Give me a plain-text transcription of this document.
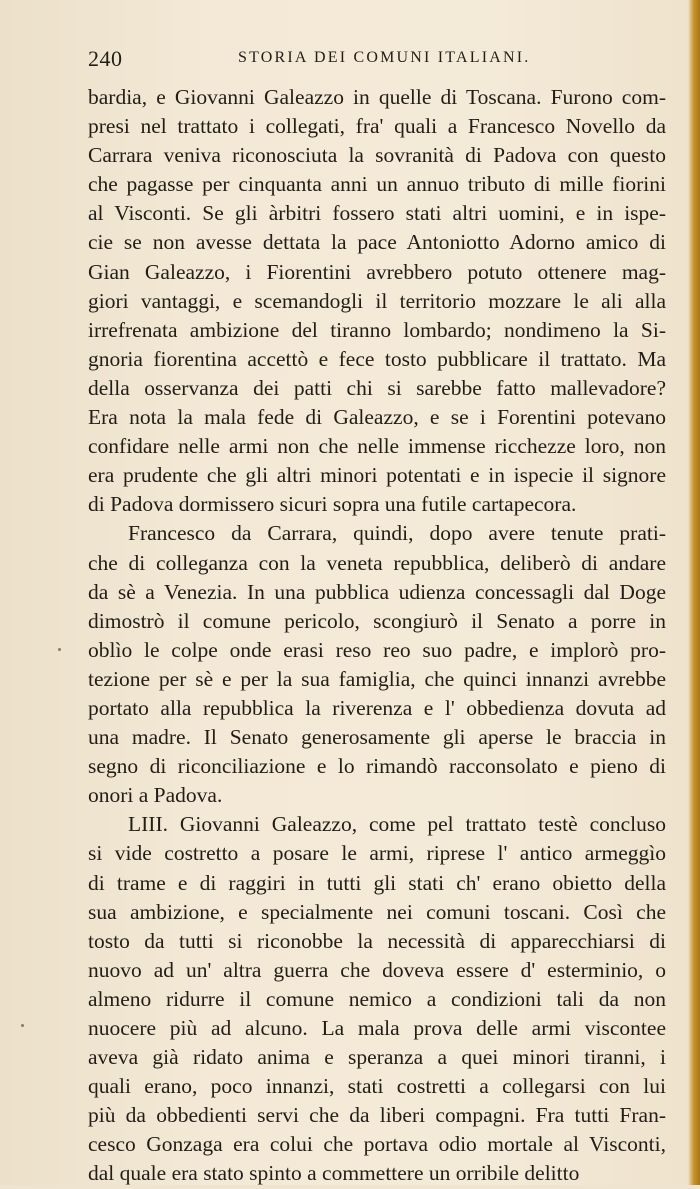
240	STORIA DEI COMUNI ITALIANI.
bardia, e Giovanni Galeazzo in quelle di Toscana. Furono com-
presi nel trattato i collegati, fra' quali a Francesco Novello da
Carrara veniva riconosciuta la sovranità di Padova con questo
che pagasse per cinquanta anni un annuo tributo di mille fiorini
al Visconti. Se gli àrbitri fossero stati altri uomini, e in ispe-
cie se non avesse dettata la pace Antoniotto Adorno amico di
Gian Galeazzo, i Fiorentini avrebbero potuto ottenere mag-
giori vantaggi, e scemandogli il territorio mozzare le ali alla
irrefrenata ambizione del tiranno lombardo; nondimeno la Si-
gnoria fiorentina accettò e fece tosto pubblicare il trattato. Ma
della osservanza dei patti chi si sarebbe fatto mallevadore?
Era nota la mala fede di Galeazzo, e se i Forentini potevano
confidare nelle armi non che nelle immense ricchezze loro, non
era prudente che gli altri minori potentati e in ispecie il signore
di Padova dormissero sicuri sopra una futile cartapecora.
Francesco da Carrara, quindi, dopo avere tenute prati-
che di colleganza con la veneta repubblica, deliberò di andare
da sè a Venezia. In una pubblica udienza concessagli dal Doge
dimostrò il comune pericolo, scongiurò il Senato a porre in
oblìo le colpe onde erasi reso reo suo padre, e implorò pro-
tezione per sè e per la sua famiglia, che quinci innanzi avrebbe
portato alla repubblica la riverenza e l' obbedienza dovuta ad
una madre. Il Senato generosamente gli aperse le braccia in
segno di riconciliazione e lo rimandò racconsolato e pieno di
onori a Padova.
LIII. Giovanni Galeazzo, come pel trattato testè concluso
si vide costretto a posare le armi, riprese l' antico armeggìo
di trame e di raggiri in tutti gli stati ch' erano obietto della
sua ambizione, e specialmente nei comuni toscani. Così che
tosto da tutti si riconobbe la necessità di apparecchiarsi di
nuovo ad un' altra guerra che doveva essere d' esterminio, o
almeno ridurre il comune nemico a condizioni tali da non
nuocere più ad alcuno. La mala prova delle armi viscontee
aveva già ridato anima e speranza a quei minori tiranni, i
quali erano, poco innanzi, stati costretti a collegarsi con lui
più da obbedienti servi che da liberi compagni. Fra tutti Fran-
cesco Gonzaga era colui che portava odio mortale al Visconti,
dal quale era stato spinto a commettere un orribile delitto
